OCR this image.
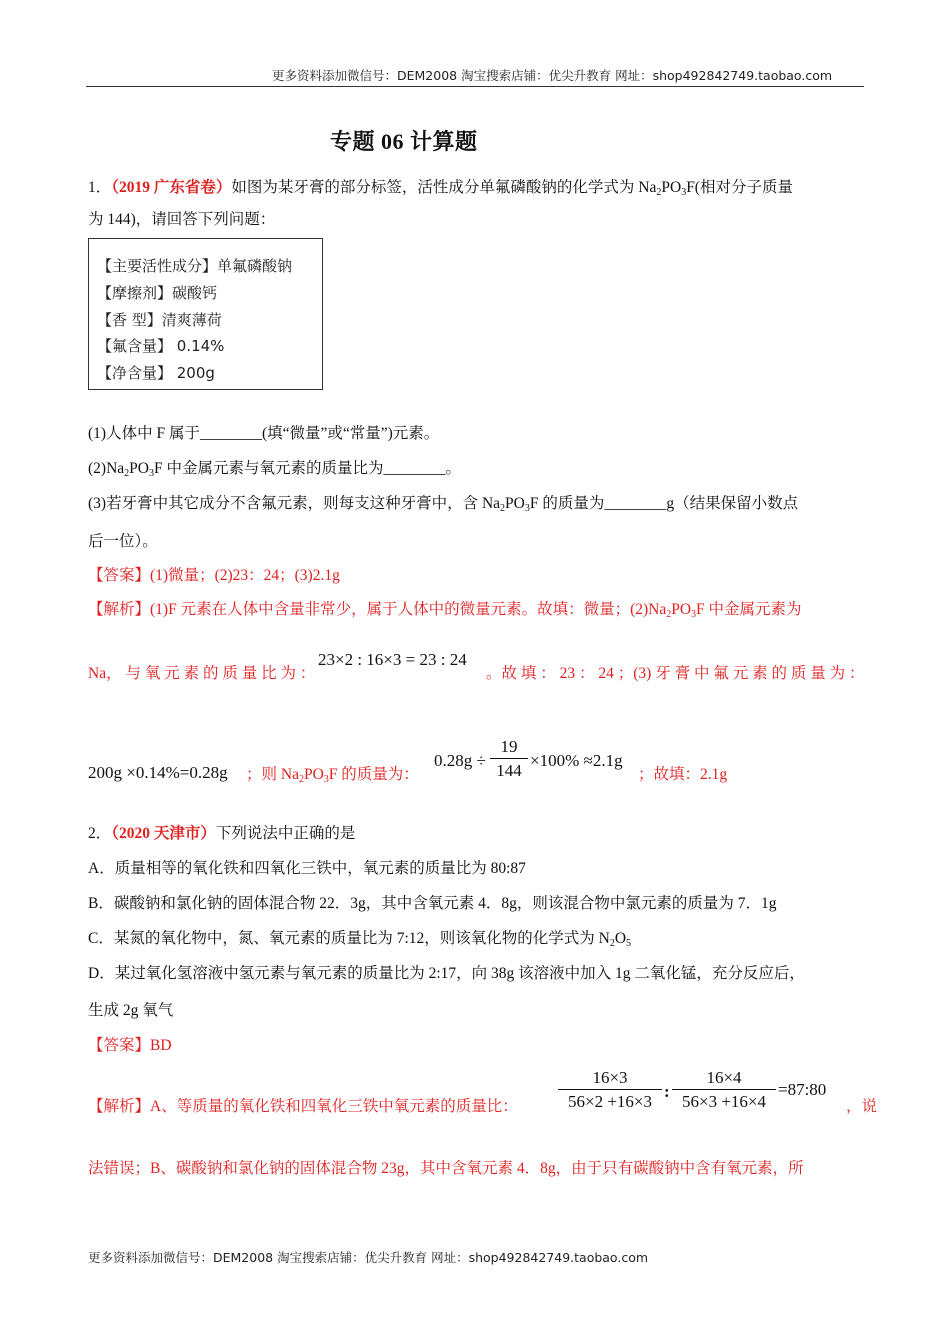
更多资料添加微信号：DEM2008 淘宝搜索店铺：优尖升教育 网址：shop492842749.taobao.com
专题 06 计算题
1．（2019 广东省卷）如图为某牙膏的部分标签，活性成分单氟磷酸钠的化学式为 $Na_2PO_3F$(相对分子质量
为 144)，请回答下列问题：
【主要活性成分】单氟磷酸钠
【摩擦剂】碳酸钙
【香 型】清爽薄荷
【氟含量】 0.14%
【净含量】 200g
(1)人体中 F 属于________(填“微量”或“常量”)元素。
$(2)Na_2PO_3F$ 中金属元素与氧元素的质量比为________。
(3)若牙膏中其它成分不含氟元素，则每支这种牙膏中，含 $Na_2PO_3F$ 的质量为________g（结果保留小数点
后一位）。
【答案】(1)微量；(2)23：24；(3)2.1g
【解析】(1)F 元素在人体中含量非常少，属于人体中的微量元素。故填：微量；$(2)Na_2PO_3F$ 中金属元素为
Na， 与 氧 元 素 的 质 量 比 为 ：
23×2 : 16×3 = 23 : 24
。故 填 ： 23 ： 24 ；(3) 牙 膏 中 氟 元 素 的 质 量 为 ：
200g ×0.14%=0.28g ；则 $Na_2PO_3F$ 的质量为：
$0.28g \div \frac{19}{144} \times 100\% \approx 2.1g$
；故填：2.1g
2．（2020 天津市）下列说法中正确的是
A．质量相等的氧化铁和四氧化三铁中，氧元素的质量比为 80:87
B．碳酸钠和氯化钠的固体混合物 22．3g，其中含氧元素 4．8g，则该混合物中氯元素的质量为 7．1g
C．某氮的氧化物中，氮、氧元素的质量比为 7:12，则该氧化物的化学式为 $N_2O_5$
D．某过氧化氢溶液中氢元素与氧元素的质量比为 2:17，向 38g 该溶液中加入 1g 二氧化锰，充分反应后，
生成 2g 氧气
【答案】BD
【解析】A、等质量的氧化铁和四氧化三铁中氧元素的质量比： $\frac{16\times 3}{56\times 2 +16\times 3}$ : $\frac{16\times 4}{56\times 3 +16\times 4}$ =87:80
，说
法错误；B、碳酸钠和氯化钠的固体混合物 23g，其中含氧元素 4．8g，由于只有碳酸钠中含有氧元素，所
更多资料添加微信号：DEM2008 淘宝搜索店铺：优尖升教育 网址：shop492842749.taobao.com
